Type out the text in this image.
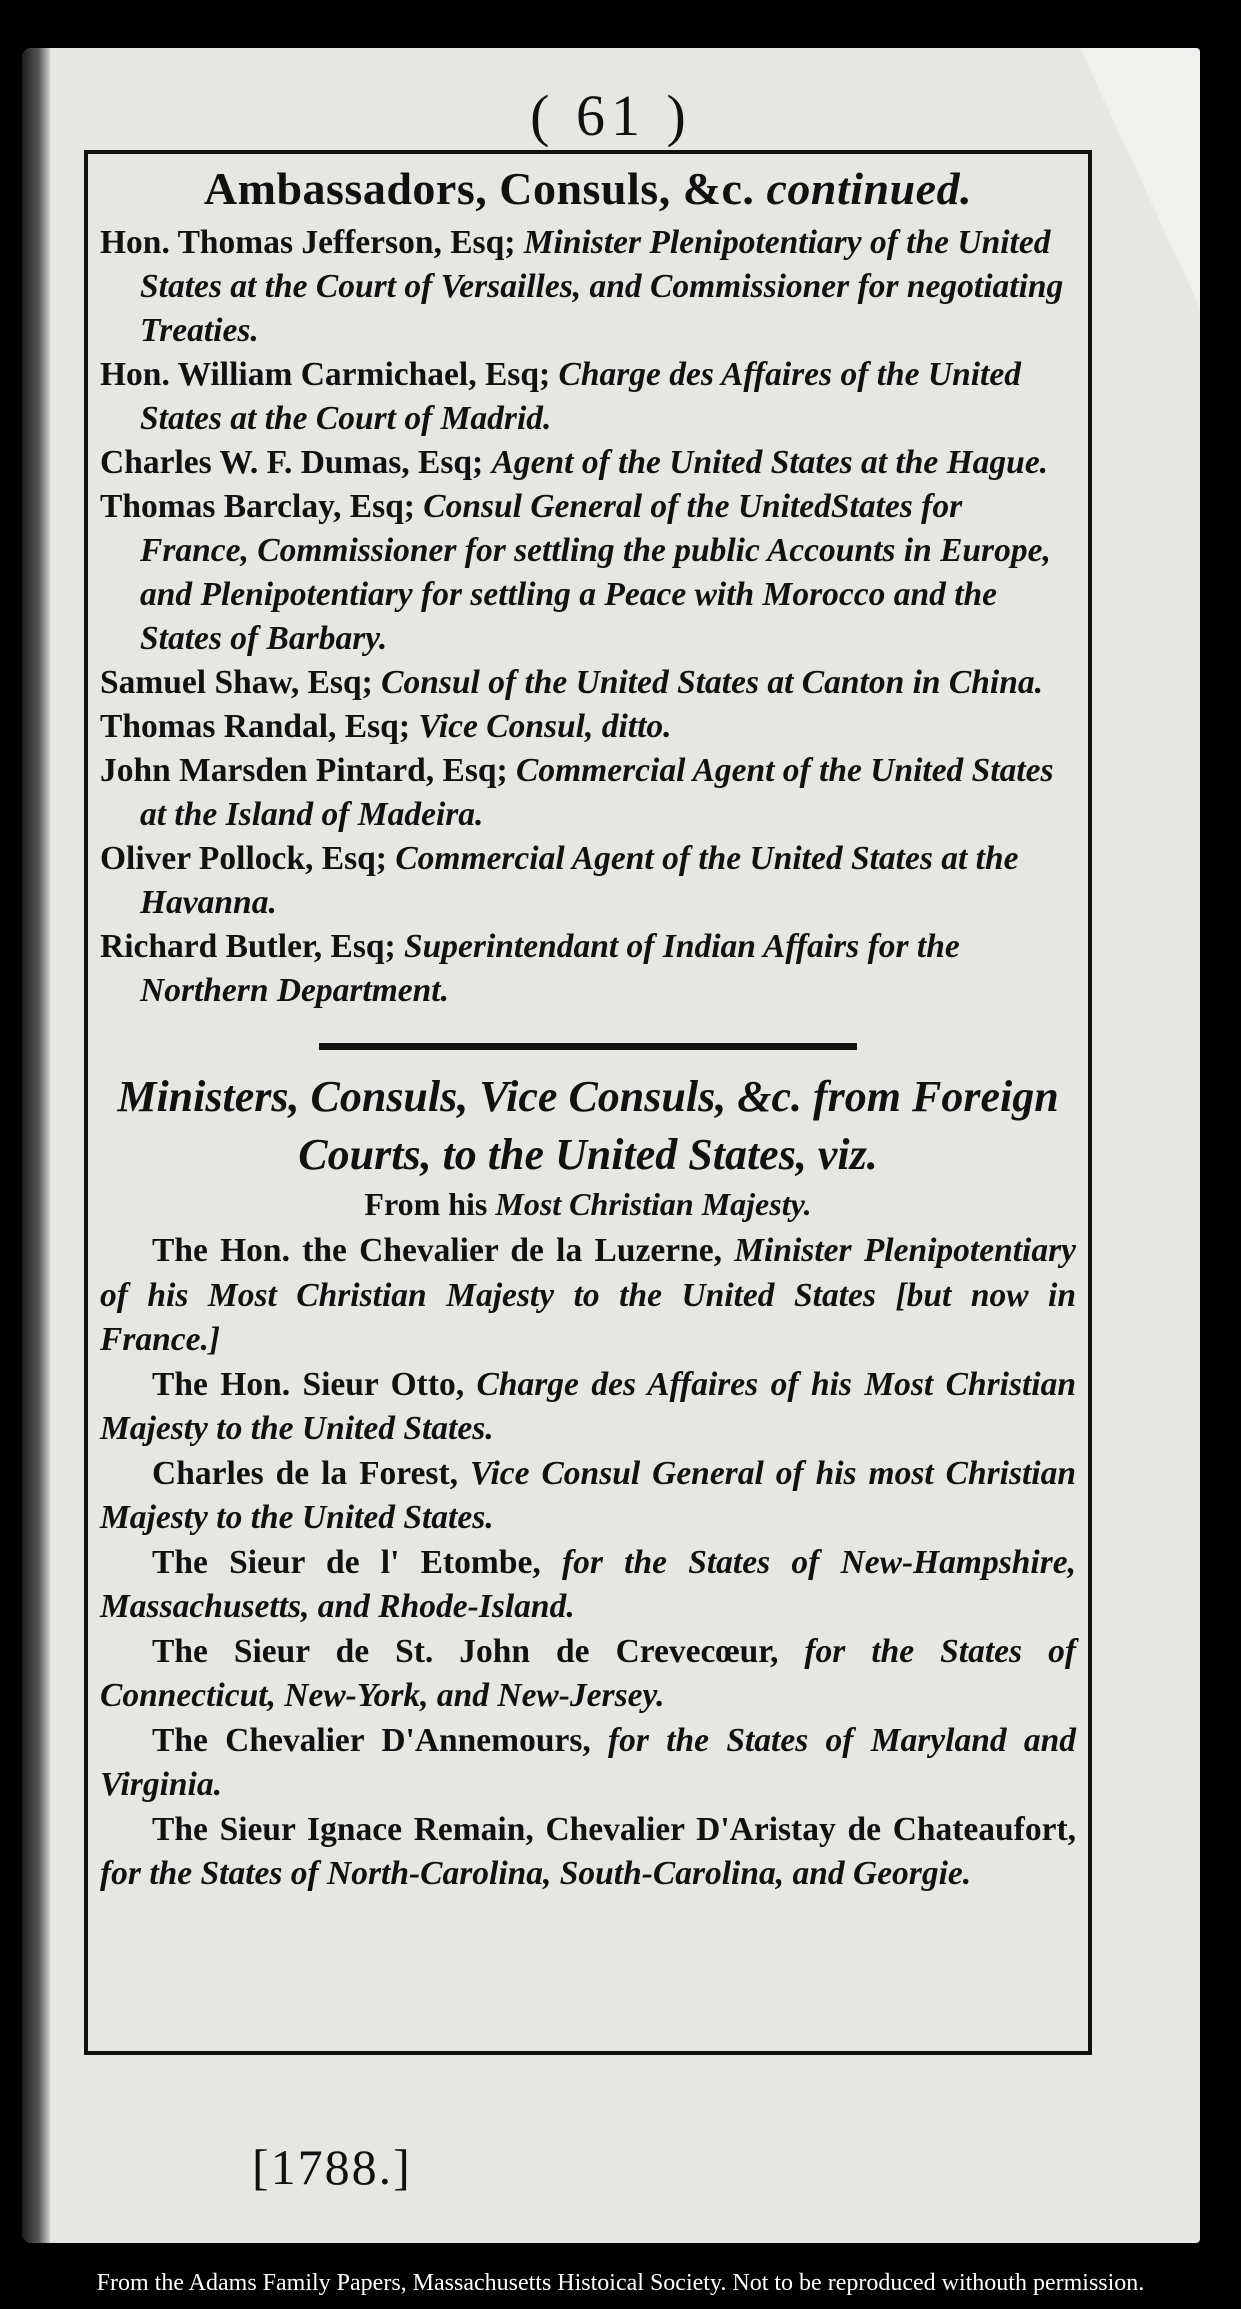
( 61 )
Ambassadors, Consuls, &c. continued.

Hon. Thomas Jefferson, Esq; Minister Plenipotentiary of the United States at the Court of Versailles, and Commissioner for negotiating Treaties.

Hon. William Carmichael, Esq; Charge des Affaires of the United States at the Court of Madrid.

Charles W. F. Dumas, Esq; Agent of the United States at the Hague.

Thomas Barclay, Esq; Consul General of the UnitedStates for France, Commissioner for settling the public Accounts in Europe, and Plenipotentiary for settling a Peace with Morocco and the States of Barbary.

Samuel Shaw, Esq; Consul of the United States at Canton in China.

Thomas Randal, Esq; Vice Consul, ditto.

John Marsden Pintard, Esq; Commercial Agent of the United States at the Island of Madeira.

Oliver Pollock, Esq; Commercial Agent of the United States at the Havanna.

Richard Butler, Esq; Superintendant of Indian Affairs for the Northern Department.

Ministers, Consuls, Vice Consuls, &c. from Foreign Courts, to the United States, viz.

From his Most Christian Majesty.

The Hon. the Chevalier de la Luzerne, Minister Plenipotentiary of his Most Christian Majesty to the United States [but now in France.]

The Hon. Sieur Otto, Charge des Affaires of his Most Christian Majesty to the United States.

Charles de la Forest, Vice Consul General of his most Christian Majesty to the United States.

The Sieur de l' Etombe, for the States of New-Hampshire, Massachusetts, and Rhode-Island.

The Sieur de St. John de Crevecœur, for the States of Connecticut, New-York, and New-Jersey.

The Chevalier D'Annemours, for the States of Maryland and Virginia.

The Sieur Ignace Remain, Chevalier D'Aristay de Chateaufort, for the States of North-Carolina, South-Carolina, and Georgie.

[1788.]
From the Adams Family Papers, Massachusetts Histoical Society. Not to be reproduced withouth permission.
